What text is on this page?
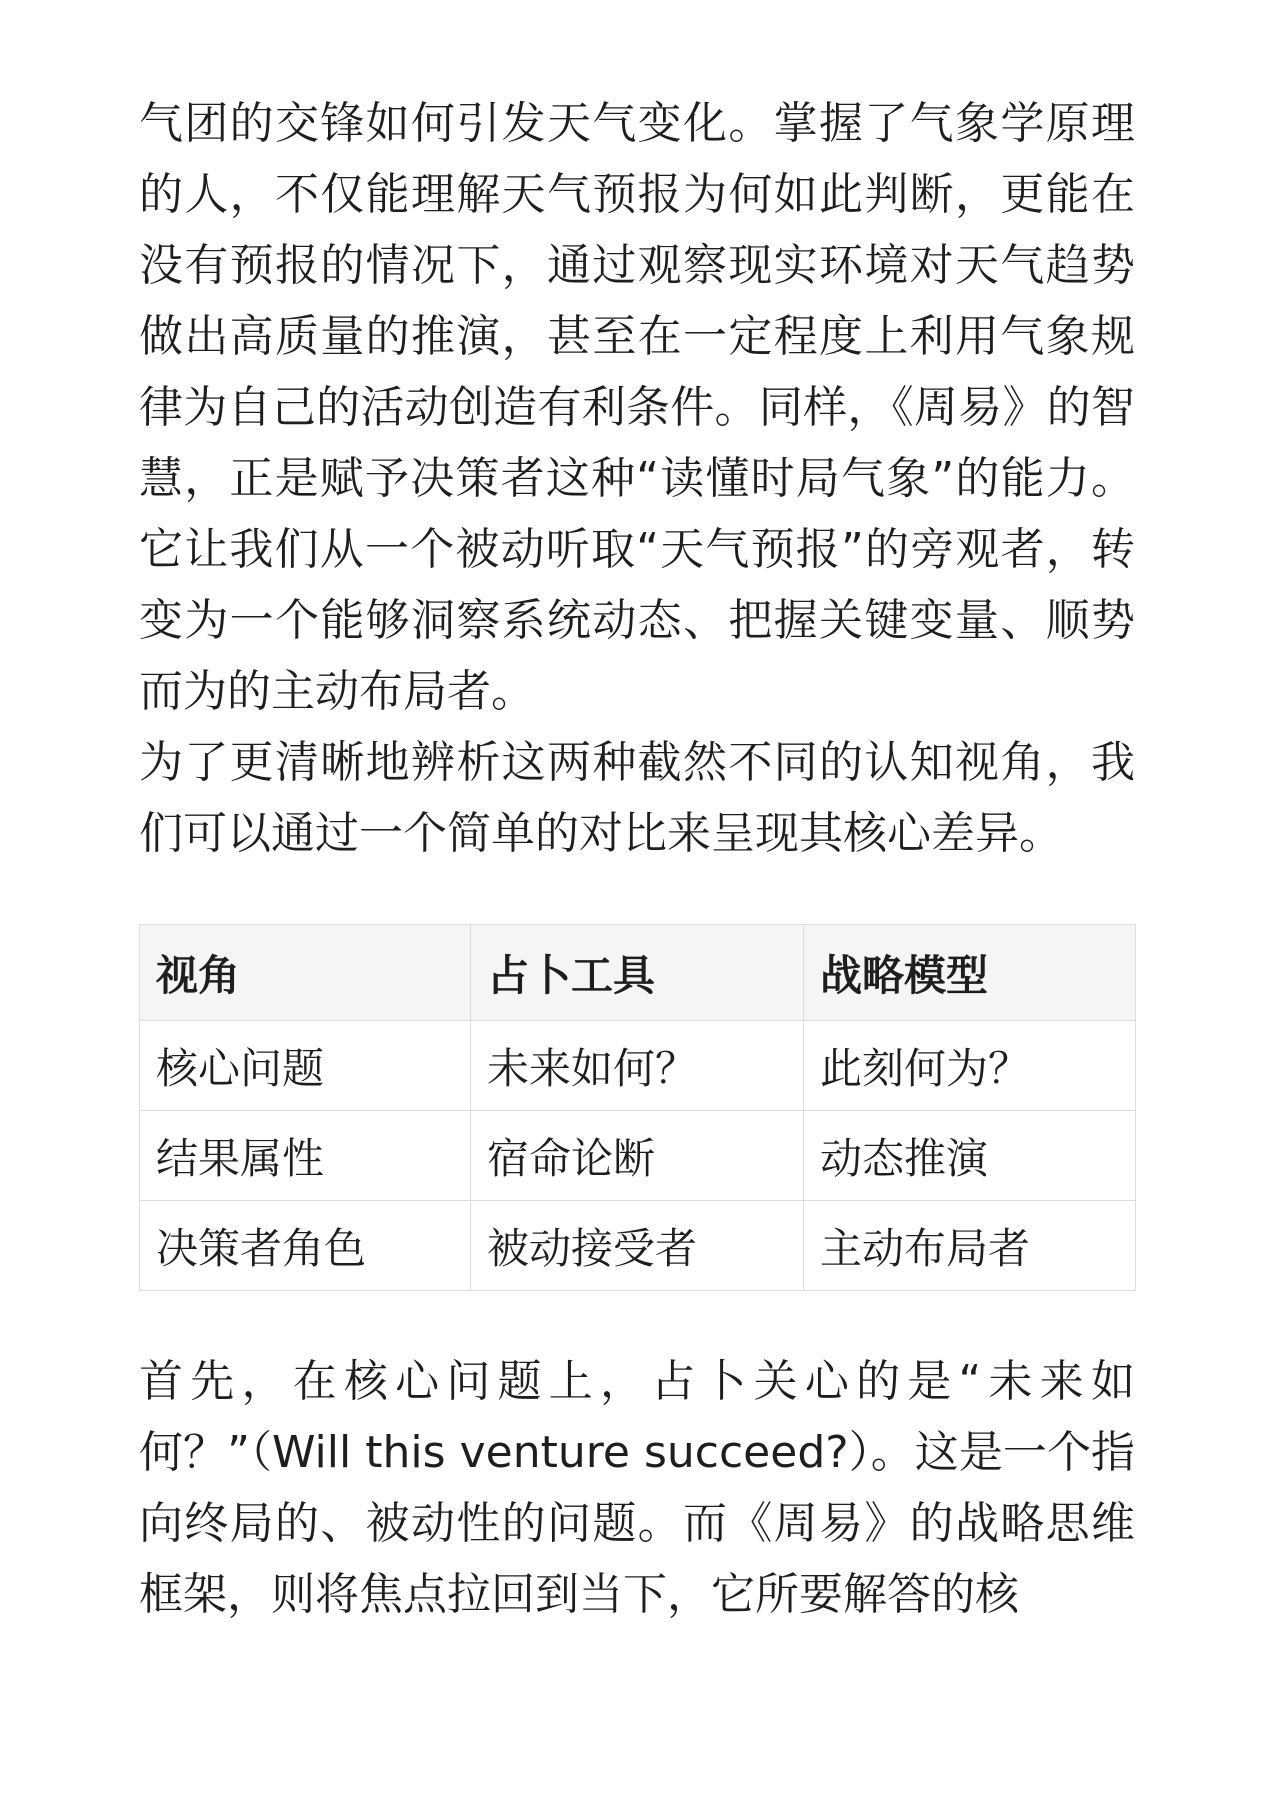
气团的交锋如何引发天气变化。掌握了气象学原理的人，不仅能理解天气预报为何如此判断，更能在没有预报的情况下，通过观察现实环境对天气趋势做出高质量的推演，甚至在一定程度上利用气象规律为自己的活动创造有利条件。同样，《周易》的智慧，正是赋予决策者这种“读懂时局气象”的能力。它让我们从一个被动听取“天气预报”的旁观者，转变为一个能够洞察系统动态、把握关键变量、顺势而为的主动布局者。

为了更清晰地辨析这两种截然不同的认知视角，我们可以通过一个简单的对比来呈现其核心差异。

视角	占卜工具	战略模型
核心问题	未来如何？	此刻何为？
结果属性	宿命论断	动态推演
决策者角色	被动接受者	主动布局者

首先，在核心问题上，占卜关心的是“未来如何？”（Will this venture succeed?）。这是一个指向终局的、被动性的问题。而《周易》的战略思维框架，则将焦点拉回到当下，它所要解答的核
